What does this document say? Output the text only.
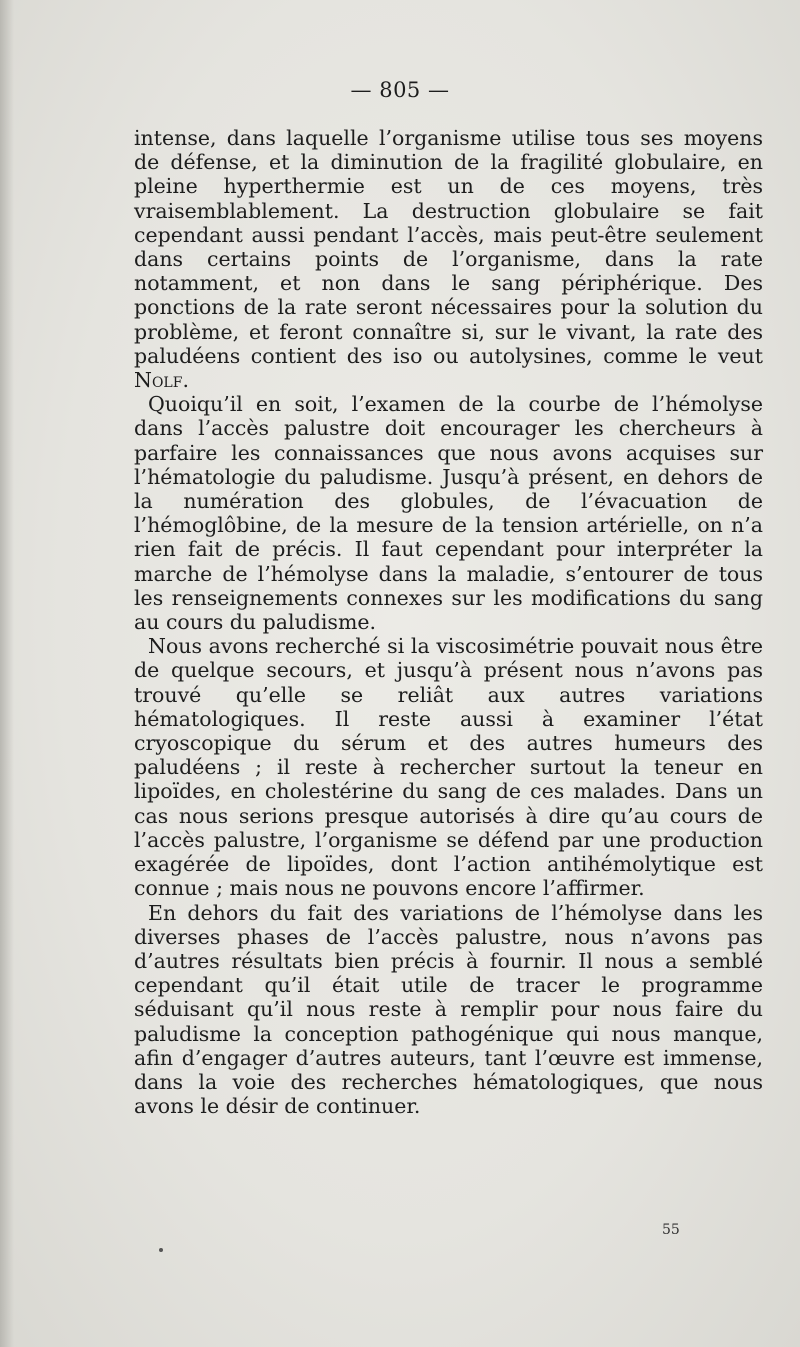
— 805 —

intense, dans laquelle l’organisme utilise tous ses moyens de défense, et la diminution de la fragilité globulaire, en pleine hyperthermie est un de ces moyens, très vraisemblablement. La destruction globulaire se fait cependant aussi pendant l’accès, mais peut-être seulement dans certains points de l’organisme, dans la rate notamment, et non dans le sang périphérique. Des ponctions de la rate seront nécessaires pour la solution du problème, et feront connaître si, sur le vivant, la rate des paludéens contient des iso ou autolysines, comme le veut Nolf.

Quoiqu’il en soit, l’examen de la courbe de l’hémolyse dans l’accès palustre doit encourager les chercheurs à parfaire les connaissances que nous avons acquises sur l’hématologie du paludisme. Jusqu’à présent, en dehors de la numération des globules, de l’évacuation de l’hémoglôbine, de la mesure de la tension artérielle, on n’a rien fait de précis. Il faut cependant pour interpréter la marche de l’hémolyse dans la maladie, s’entourer de tous les renseignements connexes sur les modifications du sang au cours du paludisme.

Nous avons recherché si la viscosimétrie pouvait nous être de quelque secours, et jusqu’à présent nous n’avons pas trouvé qu’elle se reliât aux autres variations hématologiques. Il reste aussi à examiner l’état cryoscopique du sérum et des autres humeurs des paludéens ; il reste à rechercher surtout la teneur en lipoïdes, en cholestérine du sang de ces malades. Dans un cas nous serions presque autorisés à dire qu’au cours de l’accès palustre, l’organisme se défend par une production exagérée de lipoïdes, dont l’action antihémolytique est connue ; mais nous ne pouvons encore l’affirmer.

En dehors du fait des variations de l’hémolyse dans les diverses phases de l’accès palustre, nous n’avons pas d’autres résultats bien précis à fournir. Il nous a semblé cependant qu’il était utile de tracer le programme séduisant qu’il nous reste à remplir pour nous faire du paludisme la conception pathogénique qui nous manque, afin d’engager d’autres auteurs, tant l’œuvre est immense, dans la voie des recherches hématologiques, que nous avons le désir de continuer.

55
